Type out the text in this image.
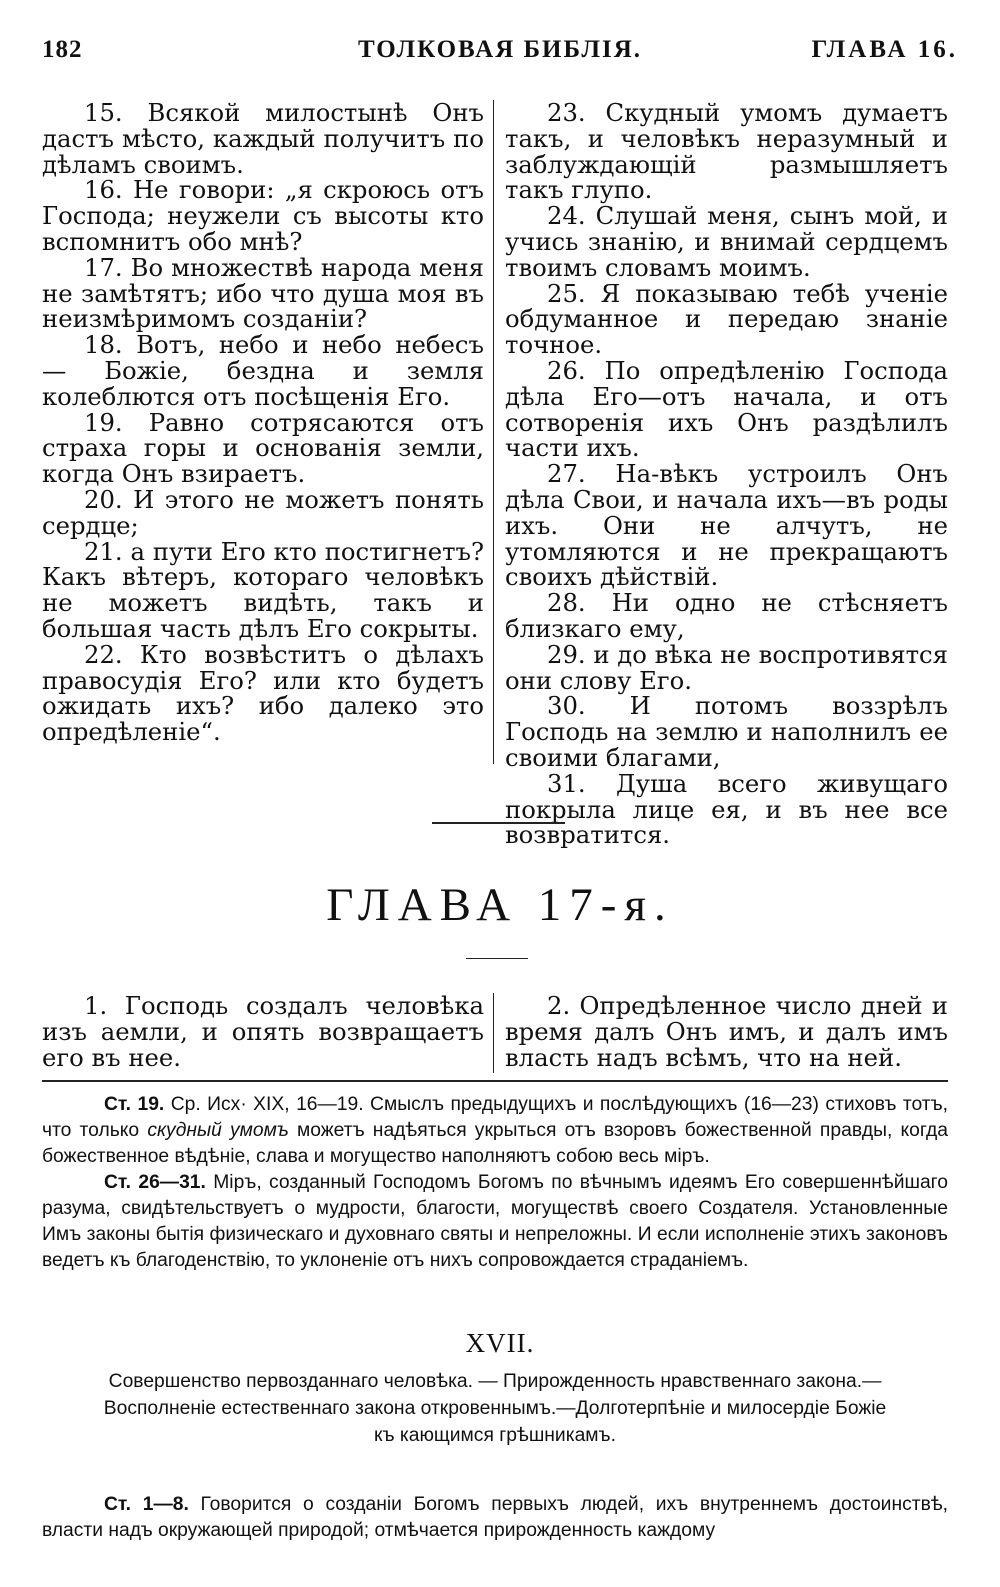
182	ТОЛКОВАЯ БИБЛІЯ.	ГЛАВА 16.

15. Всякой милостынѣ Онъ дастъ мѣсто, каждый получитъ по дѣламъ своимъ.

16. Не говори: „я скроюсь отъ Господа; неужели съ высоты кто вспомнитъ обо мнѣ?

17. Во множествѣ народа меня не замѣтятъ; ибо что душа моя въ неизмѣримомъ созданіи?

18. Вотъ, небо и небо небесъ — Божіе, бездна и земля колеблются отъ посѣщенія Его.

19. Равно сотрясаются отъ страха горы и основанія земли, когда Онъ взираетъ.

20. И этого не можетъ понять сердце;

21. а пути Его кто постигнетъ? Какъ вѣтеръ, котораго человѣкъ не можетъ видѣть, такъ и большая часть дѣлъ Его сокрыты.

22. Кто возвѣститъ о дѣлахъ правосудія Его? или кто будетъ ожидать ихъ? ибо далеко это опредѣленіе“.

23. Скудный умомъ думаетъ такъ, и человѣкъ неразумный и заблуждающій размышляетъ такъ глупо.

24. Слушай меня, сынъ мой, и учись знанію, и внимай сердцемъ твоимъ словамъ моимъ.

25. Я показываю тебѣ ученіе обдуманное и передаю знаніе точное.

26. По опредѣленію Господа дѣла Его—отъ начала, и отъ сотворенія ихъ Онъ раздѣлилъ части ихъ.

27. На-вѣкъ устроилъ Онъ дѣла Свои, и начала ихъ—въ роды ихъ. Они не алчутъ, не утомляются и не прекращаютъ своихъ дѣйствій.

28. Ни одно не стѣсняетъ близкаго ему,

29. и до вѣка не воспротивятся они слову Его.

30. И потомъ воззрѣлъ Господь на землю и наполнилъ ее своими благами,

31. Душа всего живущаго покрыла лице ея, и въ нее все возвратится.

ГЛАВА 17-я.

1. Господь создалъ человѣка изъ аемли, и опять возвращаетъ его въ нее.

2. Опредѣленное число дней и время далъ Онъ имъ, и далъ имъ власть надъ всѣмъ, что на ней.

Ст. 19. Ср. Исх· XIX, 16—19. Смыслъ предыдущихъ и послѣдующихъ (16—23) стиховъ тотъ, что только скудный умомъ можетъ надѣяться укрыться отъ взоровъ божественной правды, когда божественное вѣдѣніе, слава и могущество наполняютъ собою весь міръ.

Ст. 26—31. Міръ, созданный Господомъ Богомъ по вѣчнымъ идеямъ Его совершеннѣйшаго разума, свидѣтельствуетъ о мудрости, благости, могуществѣ своего Создателя. Установленные Имъ законы бытія физическаго и духовнаго святы и непреложны. И если исполненіе этихъ законовъ ведетъ къ благоденствію, то уклоненіе отъ нихъ сопровождается страданіемъ.

XVII.
Совершенство первозданнаго человѣка. — Прирожденность нравственнаго закона.—
Восполненіе естественнаго закона откровеннымъ.—Долготерпѣніе и милосердіе Божіе
къ кающимся грѣшникамъ.

Ст. 1—8. Говорится о созданіи Богомъ первыхъ людей, ихъ внутреннемъ достоинствѣ, власти надъ окружающей природой; отмѣчается прирожденность каждому
